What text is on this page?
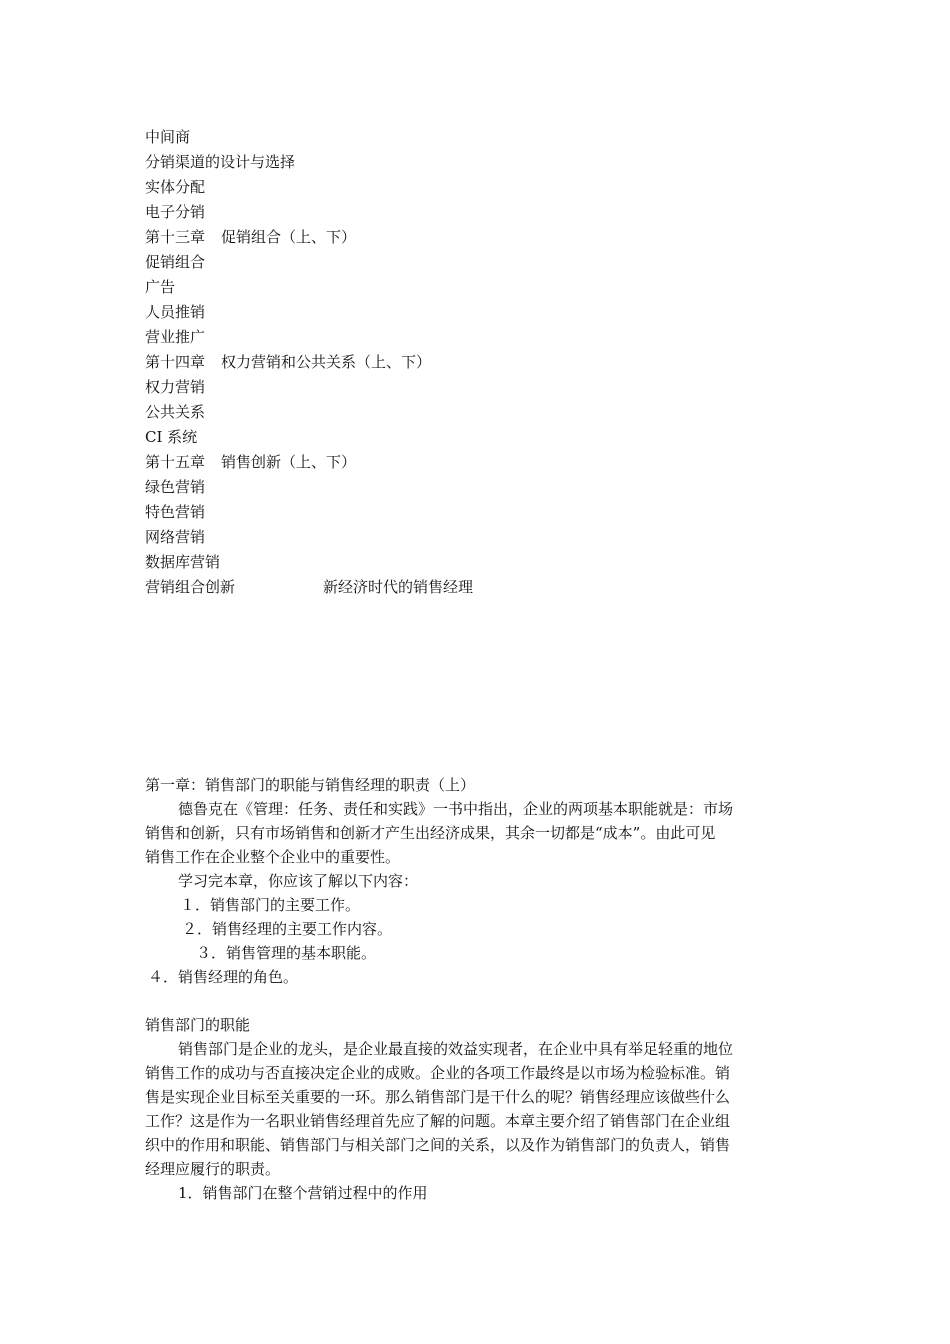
中间商
分销渠道的设计与选择
实体分配
电子分销
第十三章 促销组合（上、下）
促销组合
广告
人员推销
营业推广
第十四章 权力营销和公共关系（上、下）
权力营销
公共关系
CI 系统
第十五章 销售创新（上、下）
绿色营销
特色营销
网络营销
数据库营销
营销组合创新	新经济时代的销售经理
第一章：销售部门的职能与销售经理的职责（上）
德鲁克在《管理：任务、责任和实践》一书中指出，企业的两项基本职能就是：市场
销售和创新，只有市场销售和创新才产生出经济成果，其余一切都是“成本”。由此可见
销售工作在企业整个企业中的重要性。
学习完本章，你应该了解以下内容：
１．销售部门的主要工作。
２．销售经理的主要工作内容。
３．销售管理的基本职能。
４．销售经理的角色。
销售部门的职能
销售部门是企业的龙头，是企业最直接的效益实现者，在企业中具有举足轻重的地位
销售工作的成功与否直接决定企业的成败。企业的各项工作最终是以市场为检验标准。销
售是实现企业目标至关重要的一环。那么销售部门是干什么的呢？销售经理应该做些什么
工作？这是作为一名职业销售经理首先应了解的问题。本章主要介绍了销售部门在企业组
织中的作用和职能、销售部门与相关部门之间的关系，以及作为销售部门的负责人，销售
经理应履行的职责。
1．销售部门在整个营销过程中的作用
